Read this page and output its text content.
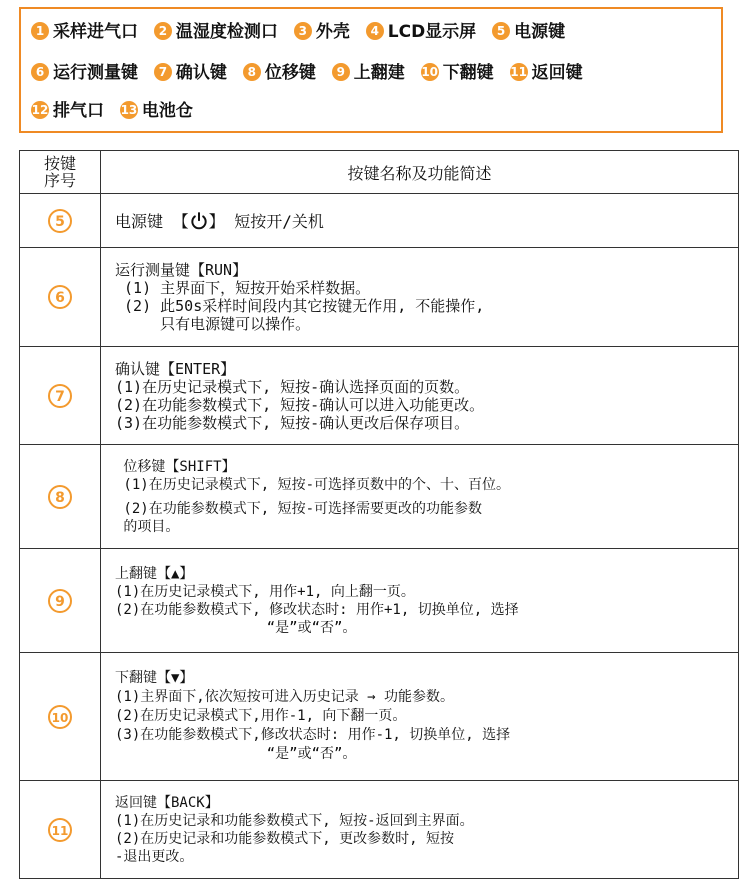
1 采样进气口 2 温湿度检测口 3 外壳 4 LCD显示屏 5 电源键
6 运行测量键 7 确认键 8 位移键 9 上翻建 10 下翻键 11 返回键
12 排气口 13 电池仓
按键
序号	按键名称及功能简述
5	电源键 【 】 短按开/关机

6	运行测量键【RUN】
(1) 主界面下，短按开始采样数据。
(2) 此50s采样时间段内其它按键无作用, 不能操作,
只有电源键可以操作。

7	确认键【ENTER】
(1)在历史记录模式下, 短按-确认选择页面的页数。
(2)在功能参数模式下, 短按-确认可以进入功能更改。
(3)在功能参数模式下, 短按-确认更改后保存项目。

8	位移键【SHIFT】
(1)在历史记录模式下, 短按-可选择页数中的个、十、百位。
(2)在功能参数模式下, 短按-可选择需要更改的功能参数
的项目。

9	上翻键【▲】
(1)在历史记录模式下, 用作+1, 向上翻一页。
(2)在功能参数模式下, 修改状态时: 用作+1, 切换单位, 选择
“是”或“否”。

10	下翻键【▼】
(1)主界面下,依次短按可进入历史记录 → 功能参数。
(2)在历史记录模式下,用作-1, 向下翻一页。
(3)在功能参数模式下,修改状态时: 用作-1, 切换单位, 选择
“是”或“否”。

11	返回键【BACK】
(1)在历史记录和功能参数模式下, 短按-返回到主界面。
(2)在历史记录和功能参数模式下, 更改参数时, 短按
-退出更改。
